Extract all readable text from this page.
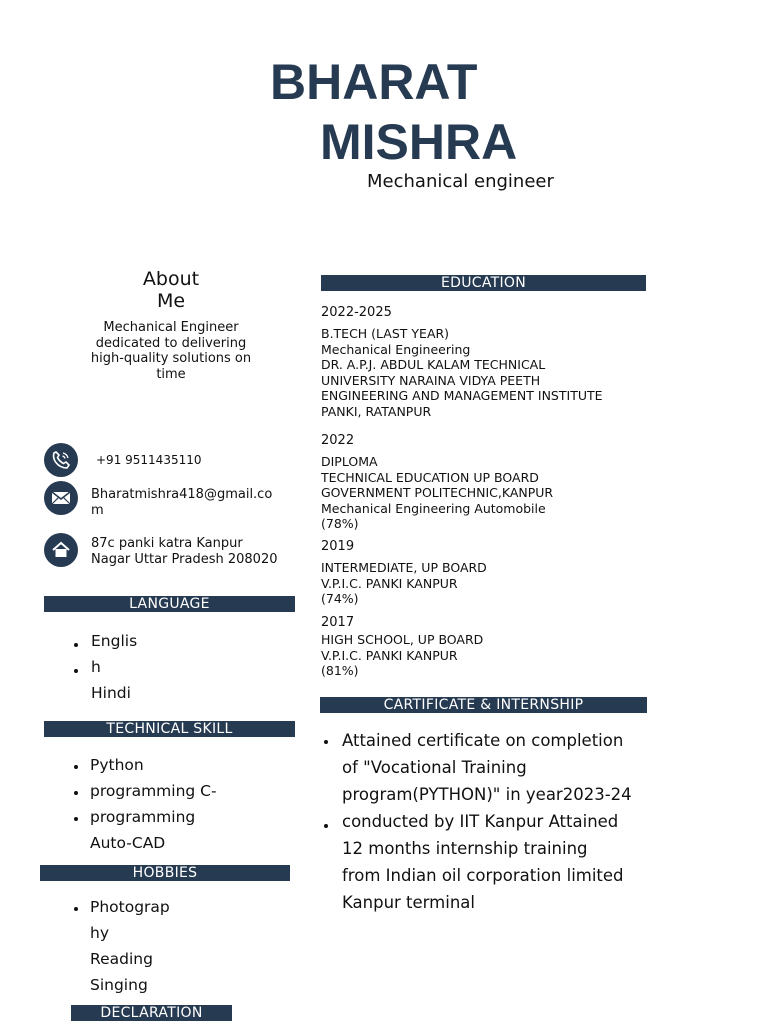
BHARAT
MISHRA
Mechanical engineer
About
Me
Mechanical Engineer dedicated to delivering high-quality solutions on time
+91 9511435110
Bharatmishra418@gmail.co
m
87c panki katra Kanpur
Nagar Uttar Pradesh 208020
LANGUAGE
Englis
h
Hindi
TECHNICAL SKILL
Python
programming C-
programming
Auto-CAD
HOBBIES
Photograp
hy
Reading
Singing
DECLARATION
EDUCATION
2022-2025
B.TECH (LAST YEAR)
Mechanical Engineering
DR. A.P.J. ABDUL KALAM TECHNICAL
UNIVERSITY NARAINA VIDYA PEETH
ENGINEERING AND MANAGEMENT INSTITUTE
PANKI, RATANPUR
2022
DIPLOMA
TECHNICAL EDUCATION UP BOARD
GOVERNMENT POLITECHNIC,KANPUR
Mechanical Engineering Automobile
(78%)
2019
INTERMEDIATE, UP BOARD
V.P.I.C. PANKI KANPUR
(74%)
2017
HIGH SCHOOL, UP BOARD
V.P.I.C. PANKI KANPUR
(81%)
CARTIFICATE & INTERNSHIP
Attained certificate on completion
of "Vocational Training
program(PYTHON)" in year2023-24
conducted by IIT Kanpur Attained
12 months internship training
from Indian oil corporation limited
Kanpur terminal
